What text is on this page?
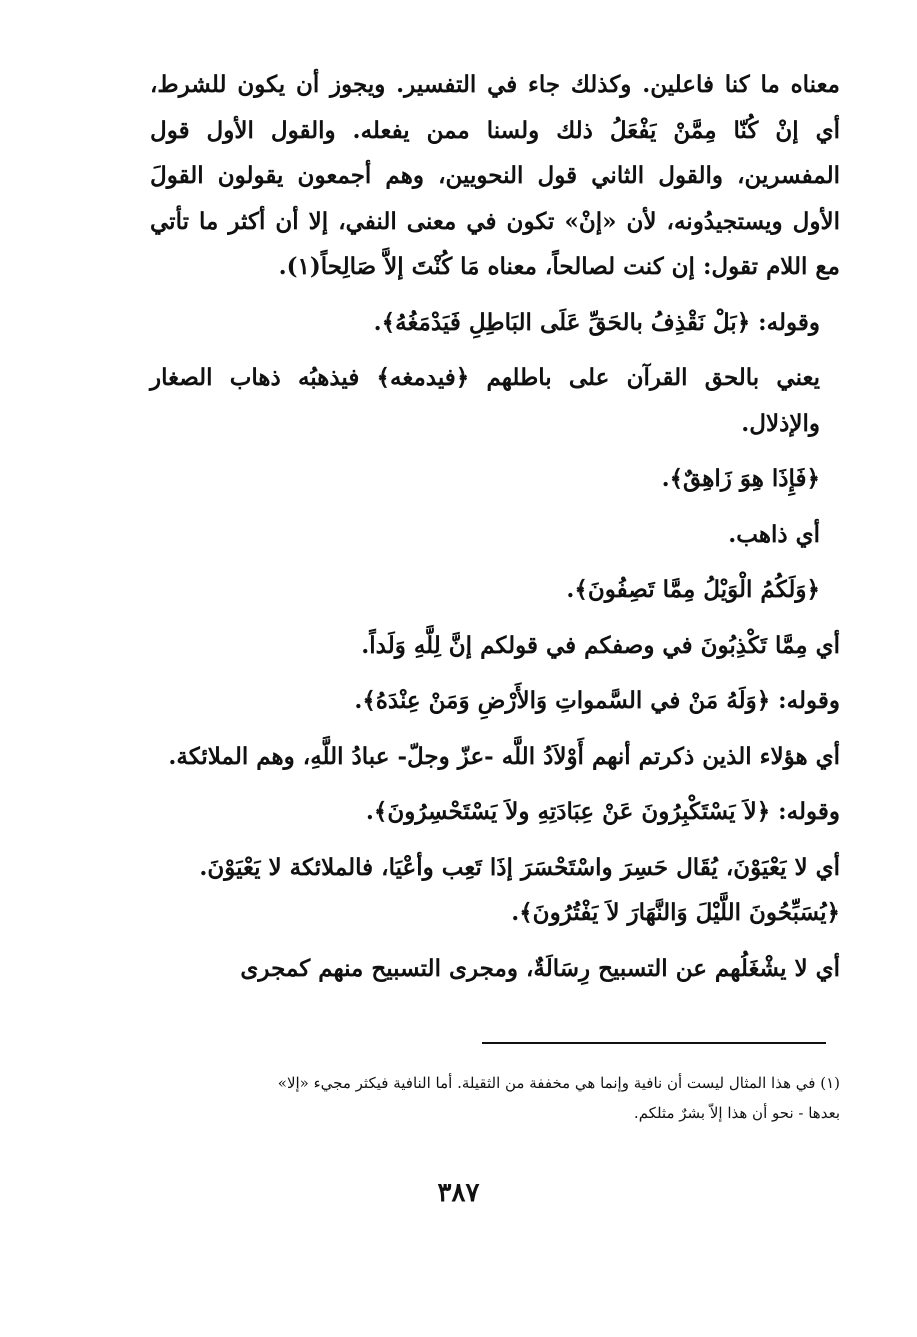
معناه ما كنا فاعلين. وكذلك جاء في التفسير. ويجوز أن يكون للشرط، أي إنْ كُنّا مِمَّنْ يَفْعَلُ ذلك ولسنا ممن يفعله. والقول الأول قول المفسرين، والقول الثاني قول النحويين، وهم أجمعون يقولون القولَ الأول ويستجيدُونه، لأن «إنْ» تكون في معنى النفي، إلا أن أكثر ما تأتي مع اللام تقول: إن كنت لصالحاً، معناه مَا كُنْتَ إلاَّ صَالِحاً(١).

وقوله: ﴿بَلْ نَقْذِفُ بالحَقِّ عَلَى البَاطِلِ فَيَدْمَغُهُ﴾.

يعني بالحق القرآن على باطلهم ﴿فيدمغه﴾ فيذهبُه ذهاب الصغار والإذلال.

﴿فَإِذَا هِوَ زَاهِقٌ﴾.

أي ذاهب.

﴿وَلَكُمُ الْوَيْلُ مِمَّا تَصِفُونَ﴾.

أي مِمَّا تَكْذِبُونَ في وصفكم في قولكم إنَّ لِلَّهِ وَلَداً.

وقوله: ﴿وَلَهُ مَنْ في السَّمواتِ وَالأَرْضِ وَمَنْ عِنْدَهُ﴾.

أي هؤلاء الذين ذكرتم أنهم أَوْلاَدُ اللَّه -عزّ وجلّ- عبادُ اللَّهِ، وهم الملائكة.

وقوله: ﴿لاَ يَسْتَكْبِرُونَ عَنْ عِبَادَتِهِ ولاَ يَسْتَحْسِرُونَ﴾.

أي لا يَعْيَوْنَ، يُقَال حَسِرَ واسْتَحْسَرَ إذَا تَعِب وأعْيَا، فالملائكة لا يَعْيَوْنَ.

﴿يُسَبِّحُونَ اللَّيْلَ وَالنَّهَارَ لاَ يَفْتُرُونَ﴾.

أي لا يشْغَلُهم عن التسبيح رِسَالَةٌ، ومجرى التسبيح منهم كمجرى

(١) في هذا المثال ليست أن نافية وإنما هي مخففة من الثقيلة. أما النافية فيكثر مجيء «إلا»

بعدها - نحو أن هذا إلاّ بشرٌ مثلكم.

٣٨٧
